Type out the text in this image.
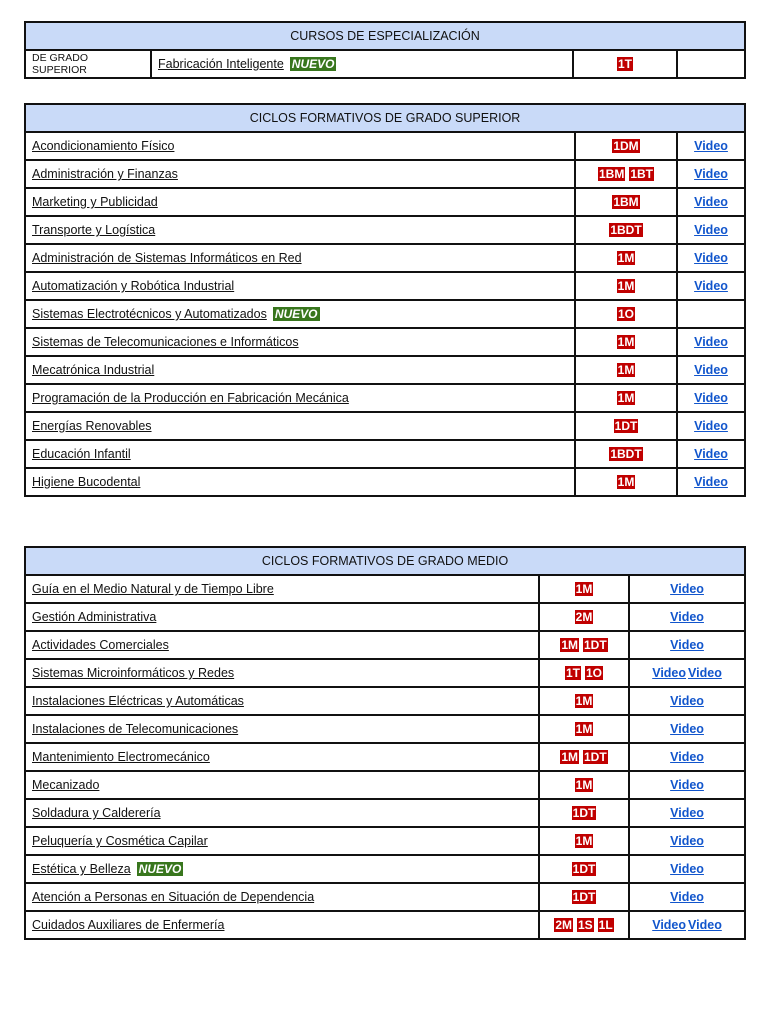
CURSOS DE ESPECIALIZACIÓN
DE GRADO SUPERIOR	Fabricación Inteligente NUEVO	1T	
CICLOS FORMATIVOS DE GRADO SUPERIOR		
Acondicionamiento Físico	1DM	Video
Administración y Finanzas	1BM 1BT	Video
Marketing y Publicidad	1BM	Video
Transporte y Logística	1BDT	Video
Administración de Sistemas Informáticos en Red	1M	Video
Automatización y Robótica Industrial	1M	Video
Sistemas Electrotécnicos y Automatizados NUEVO	1O	
Sistemas de Telecomunicaciones e Informáticos	1M	Video
Mecatrónica Industrial	1M	Video
Programación de la Producción en Fabricación Mecánica	1M	Video
Energías Renovables	1DT	Video
Educación Infantil	1BDT	Video
Higiene Bucodental	1M	Video
CICLOS FORMATIVOS DE GRADO MEDIO		
Guía en el Medio Natural y de Tiempo Libre	1M	Video
Gestión Administrativa	2M	Video
Actividades Comerciales	1M 1DT	Video
Sistemas Microinformáticos y Redes	1T 1O	Video Video
Instalaciones Eléctricas y Automáticas	1M	Video
Instalaciones de Telecomunicaciones	1M	Video
Mantenimiento Electromecánico	1M 1DT	Video
Mecanizado	1M	Video
Soldadura y Calderería	1DT	Video
Peluquería y Cosmética Capilar	1M	Video
Estética y Belleza NUEVO	1DT	Video
Atención a Personas en Situación de Dependencia	1DT	Video
Cuidados Auxiliares de Enfermería	2M 1S 1L	Video Video
